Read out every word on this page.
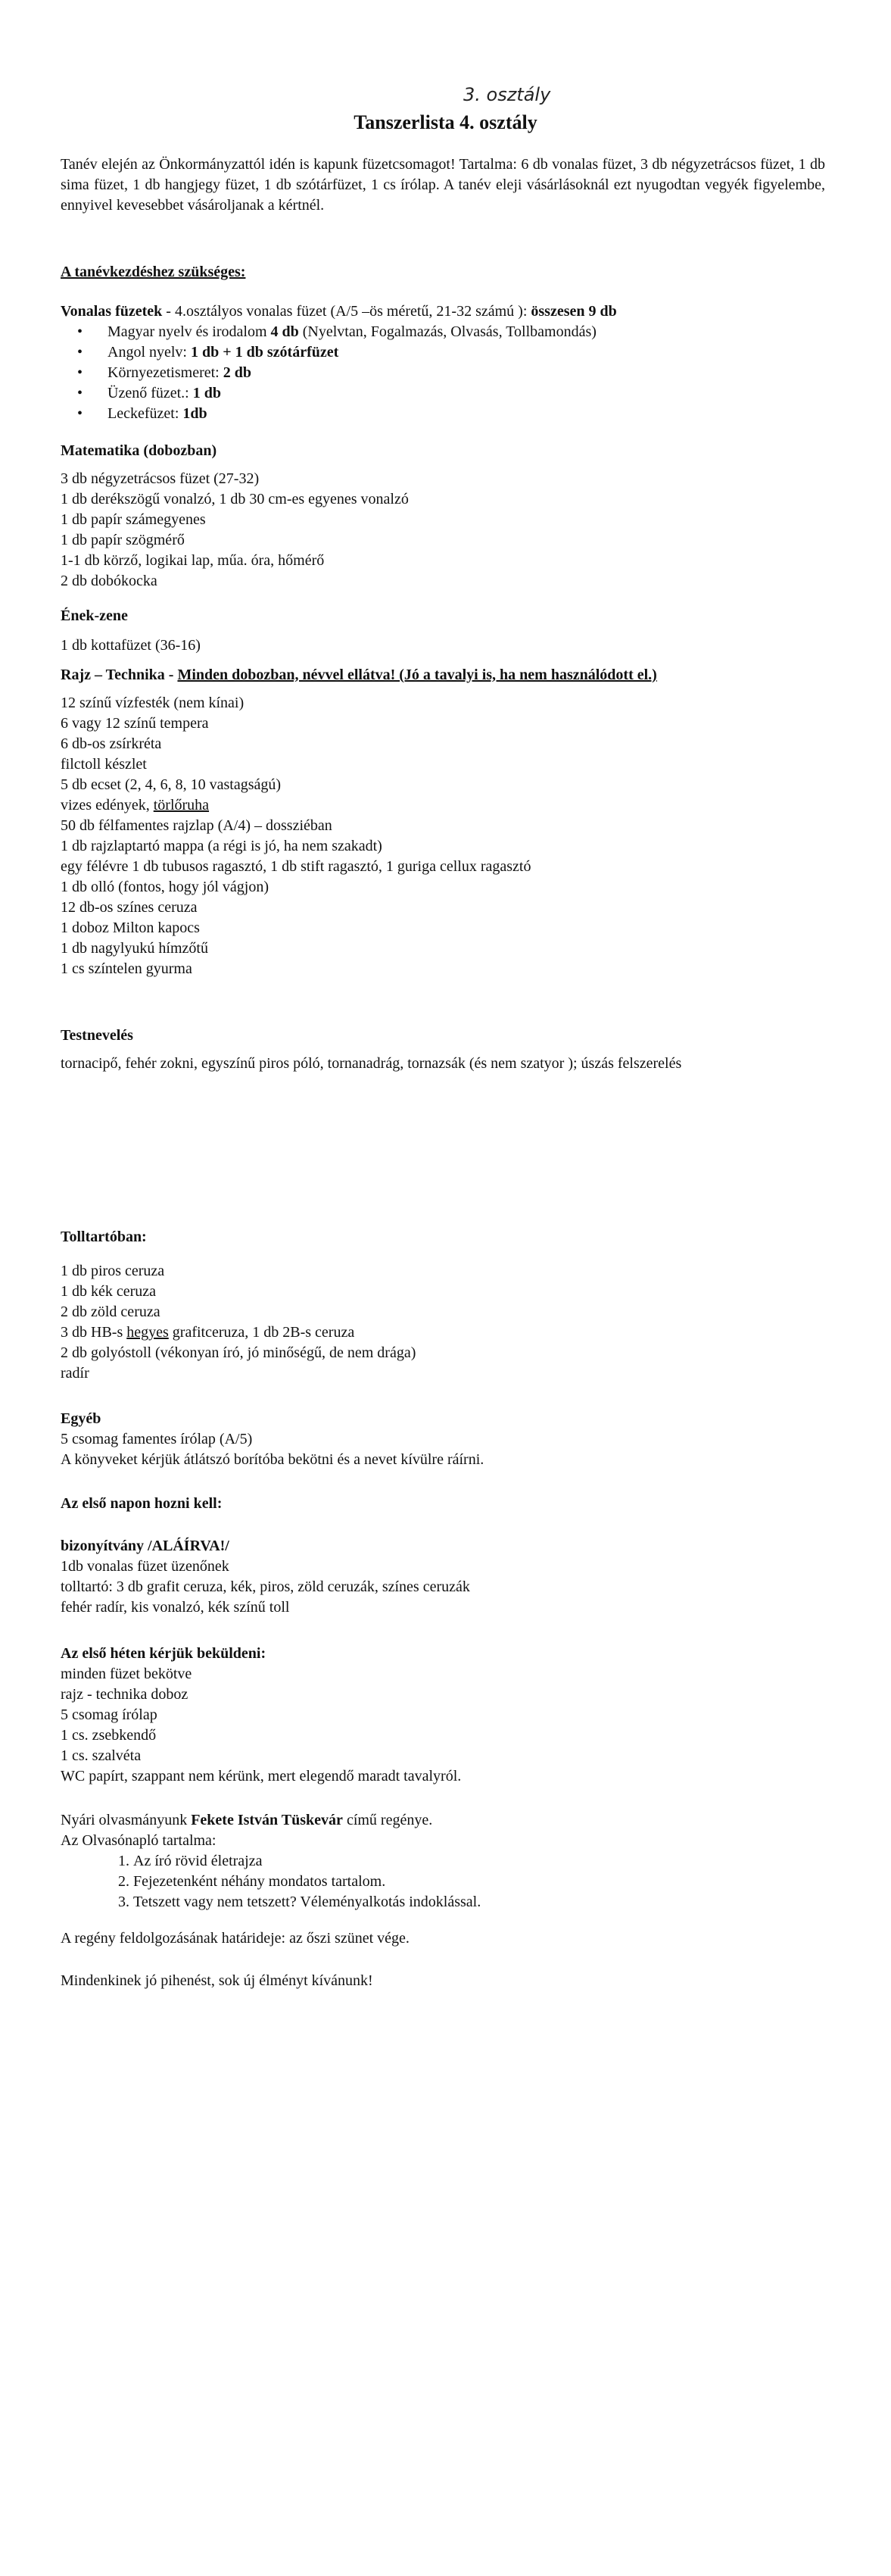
3. osztály

Tanszerlista 4. osztály

Tanév elején az Önkormányzattól idén is kapunk füzetcsomagot! Tartalma: 6 db vonalas füzet, 3 db négyzetrácsos füzet, 1 db sima füzet, 1 db hangjegy füzet, 1 db szótárfüzet, 1 cs írólap. A tanév eleji vásárlásoknál ezt nyugodtan vegyék figyelembe, ennyivel kevesebbet vásároljanak a kértnél.

A tanévkezdéshez szükséges:

Vonalas füzetek - 4.osztályos vonalas füzet (A/5 –ös méretű, 21-32 számú ): összesen 9 db

• Magyar nyelv és irodalom 4 db (Nyelvtan, Fogalmazás, Olvasás, Tollbamondás)
• Angol nyelv: 1 db + 1 db szótárfüzet
• Környezetismeret: 2 db
• Üzenő füzet.: 1 db
• Leckefüzet: 1db

Matematika (dobozban)

3 db négyzetrácsos füzet (27-32)

1 db derékszögű vonalzó, 1 db 30 cm-es egyenes vonalzó

1 db papír számegyenes

1 db papír szögmérő

1-1 db körző, logikai lap, műa. óra, hőmérő

2 db dobókocka

Ének-zene

1 db kottafüzet (36-16)

Rajz – Technika - Minden dobozban, névvel ellátva! (Jó a tavalyi is, ha nem használódott el.)

12 színű vízfesték (nem kínai)

6 vagy 12 színű tempera

6 db-os zsírkréta

filctoll készlet

5 db ecset (2, 4, 6, 8, 10 vastagságú)

vizes edények, törlőruha

50 db félfamentes rajzlap (A/4) – dossziéban

1 db rajzlaptartó mappa (a régi is jó, ha nem szakadt)

egy félévre 1 db tubusos ragasztó, 1 db stift ragasztó, 1 guriga cellux ragasztó

1 db olló (fontos, hogy jól vágjon)

12 db-os színes ceruza

1 doboz Milton kapocs

1 db nagylyukú hímzőtű

1 cs színtelen gyurma

Testnevelés

tornacipő, fehér zokni, egyszínű piros póló, tornanadrág, tornazsák (és nem szatyor ); úszás felszerelés

Tolltartóban:

1 db piros ceruza

1 db kék ceruza

2 db zöld ceruza

3 db HB-s hegyes grafitceruza, 1 db 2B-s ceruza

2 db golyóstoll (vékonyan író, jó minőségű, de nem drága)

radír

Egyéb

5 csomag famentes írólap (A/5)

A könyveket kérjük átlátszó borítóba bekötni és a nevet kívülre ráírni.

Az első napon hozni kell:

bizonyítvány /ALÁÍRVA!/

1db vonalas füzet üzenőnek

tolltartó: 3 db grafit ceruza, kék, piros, zöld ceruzák, színes ceruzák

fehér radír, kis vonalzó, kék színű toll

Az első héten kérjük beküldeni:

minden füzet bekötve

rajz - technika doboz

5 csomag írólap

1 cs. zsebkendő

1 cs. szalvéta

WC papírt, szappant nem kérünk, mert elegendő maradt tavalyról.

Nyári olvasmányunk Fekete István Tüskevár című regénye.

Az Olvasónapló tartalma:

1. Az író rövid életrajza
2. Fejezetenként néhány mondatos tartalom.
3. Tetszett vagy nem tetszett? Véleményalkotás indoklással.

A regény feldolgozásának határideje: az őszi szünet vége.

Mindenkinek jó pihenést, sok új élményt kívánunk!
